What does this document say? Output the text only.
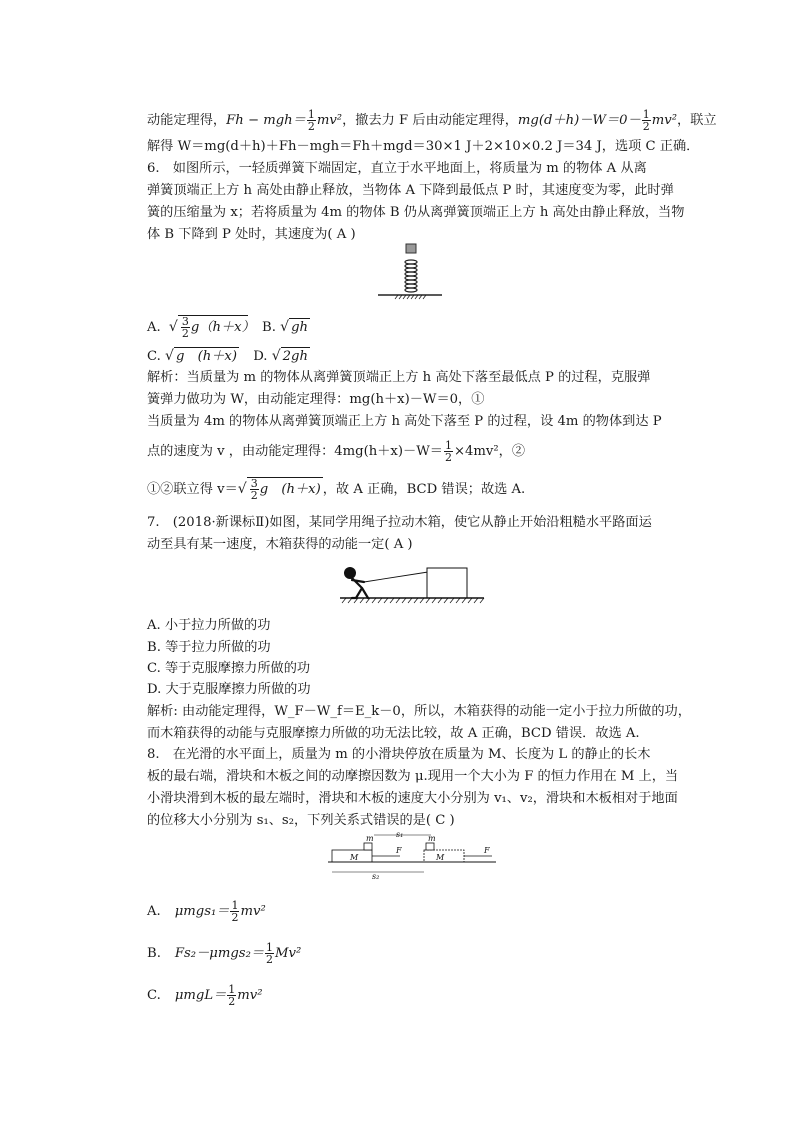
动能定理得，$Fh - mgh= \frac{1}{2} mv^2$，撤去力 F 后由动能定理得，$mg(d+h)-W=0- \frac{1}{2} mv^2$，联立
解得 W＝mg(d＋h)＋Fh－mgh＝Fh＋mgd＝30×1 J＋2×10×0.2 J＝34 J，选项 C 正确．
6.　如图所示，一轻质弹簧下端固定，直立于水平地面上，将质量为 m 的物体 A 从离
弹簧顶端正上方 h 高处由静止释放，当物体 A 下降到最低点 P 时，其速度变为零，此时弹
簧的压缩量为 x；若将质量为 4m 的物体 B 仍从离弹簧顶端正上方 h 高处由静止释放，当物
体 B 下降到 P 处时，其速度为( A )
A. √ $\frac{3}{2} g(h+x)$ B. √ gh
C. √ g　(h＋x) D. √ 2gh
解析：当质量为 m 的物体从离弹簧顶端正上方 h 高处下落至最低点 P 的过程，克服弹
簧弹力做功为 W，由动能定理得：mg(h＋x)－W＝0，①
当质量为 4m 的物体从离弹簧顶端正上方 h 高处下落至 P 的过程，设 4m 的物体到达 P
点的速度为 v ，由动能定理得：$4mg(h+x)-W= \frac{1}{2} \times 4mv^2$，②
①②联立得 $v=√ \frac{3}{2}$ g　(h＋x) ，故 A 正确，BCD 错误；故选 A.
7.　(2018·新课标Ⅱ)如图，某同学用绳子拉动木箱，使它从静止开始沿粗糙水平路面运
动至具有某一速度，木箱获得的动能一定( A )
A. 小于拉力所做的功
B. 等于拉力所做的功
C. 等于克服摩擦力所做的功
D. 大于克服摩擦力所做的功
解析: 由动能定理得，W_F－W_f＝E_k－0，所以，木箱获得的动能一定小于拉力所做的功，
而木箱获得的动能与克服摩擦力所做的功无法比较，故 A 正确，BCD 错误．故选 A.
8.　在光滑的水平面上，质量为 m 的小滑块停放在质量为 M、长度为 L 的静止的长木
板的最右端，滑块和木板之间的动摩擦因数为 μ.现用一个大小为 F 的恒力作用在 M 上，当
小滑块滑到木板的最左端时，滑块和木板的速度大小分别为 v₁、v₂，滑块和木板相对于地面
的位移大小分别为 s₁、s₂，下列关系式错误的是( C )
s₁
M
m
F
M
m
F
s₂
A. $\mu mgs_1= \frac{1}{2} mv^2$
B. $Fs_2-\mu mgs_2= \frac{1}{2} Mv^2$
C. $\mu mgL= \frac{1}{2} mv^2$
